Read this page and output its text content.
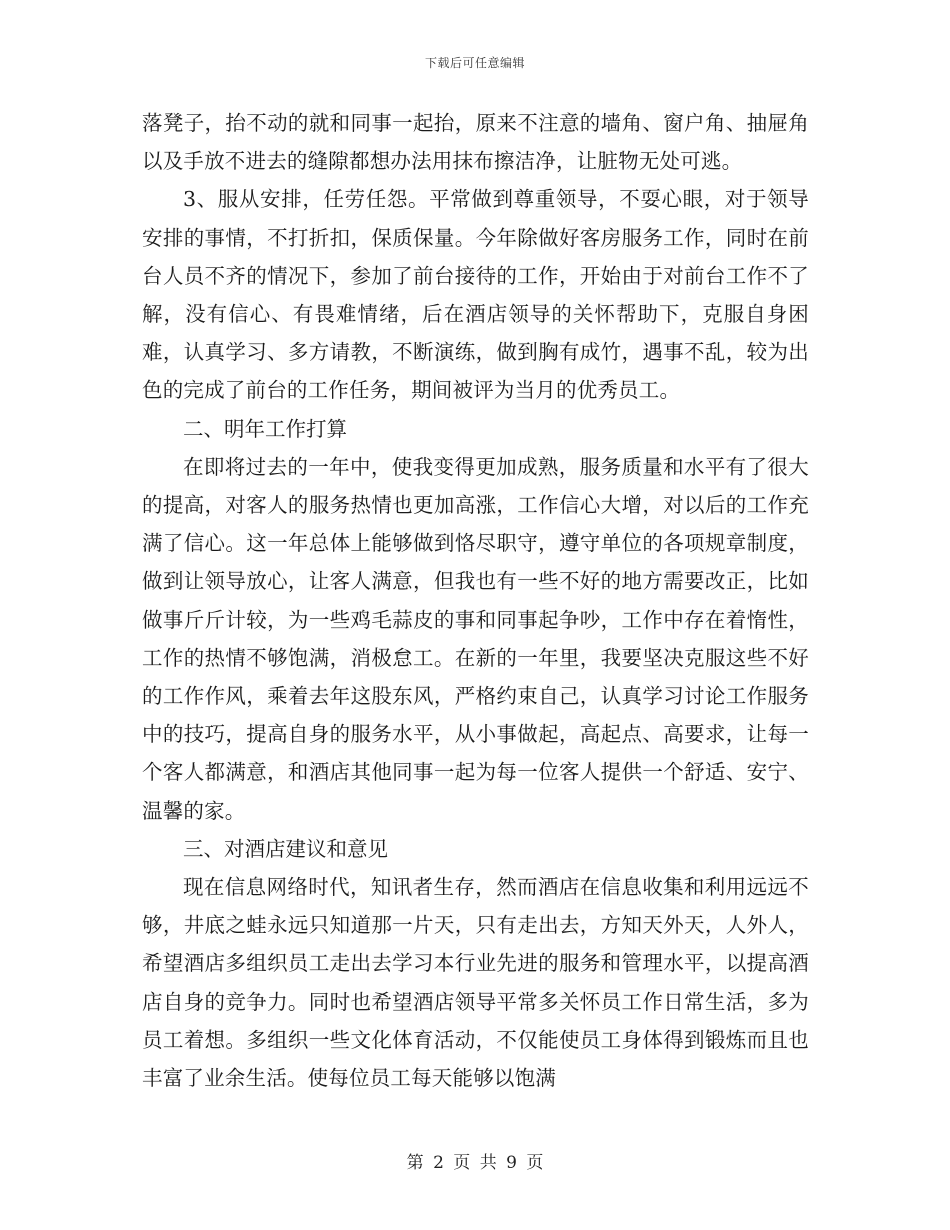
下载后可任意编辑

落凳子，抬不动的就和同事一起抬，原来不注意的墙角、窗户角、抽屉角以及手放不进去的缝隙都想办法用抹布擦洁净，让脏物无处可逃。

3、服从安排，任劳任怨。平常做到尊重领导，不耍心眼，对于领导安排的事情，不打折扣，保质保量。今年除做好客房服务工作，同时在前台人员不齐的情况下，参加了前台接待的工作，开始由于对前台工作不了解，没有信心、有畏难情绪，后在酒店领导的关怀帮助下，克服自身困难，认真学习、多方请教，不断演练，做到胸有成竹，遇事不乱，较为出色的完成了前台的工作任务，期间被评为当月的优秀员工。

二、明年工作打算

在即将过去的一年中，使我变得更加成熟，服务质量和水平有了很大的提高，对客人的服务热情也更加高涨，工作信心大增，对以后的工作充满了信心。这一年总体上能够做到恪尽职守，遵守单位的各项规章制度，做到让领导放心，让客人满意，但我也有一些不好的地方需要改正，比如做事斤斤计较，为一些鸡毛蒜皮的事和同事起争吵，工作中存在着惰性，工作的热情不够饱满，消极怠工。在新的一年里，我要坚决克服这些不好的工作作风，乘着去年这股东风，严格约束自己，认真学习讨论工作服务中的技巧，提高自身的服务水平，从小事做起，高起点、高要求，让每一个客人都满意，和酒店其他同事一起为每一位客人提供一个舒适、安宁、温馨的家。

三、对酒店建议和意见

现在信息网络时代，知讯者生存，然而酒店在信息收集和利用远远不够，井底之蛙永远只知道那一片天，只有走出去，方知天外天，人外人，希望酒店多组织员工走出去学习本行业先进的服务和管理水平，以提高酒店自身的竞争力。同时也希望酒店领导平常多关怀员工作日常生活，多为员工着想。多组织一些文化体育活动，不仅能使员工身体得到锻炼而且也丰富了业余生活。使每位员工每天能够以饱满

第 2 页 共 9 页
